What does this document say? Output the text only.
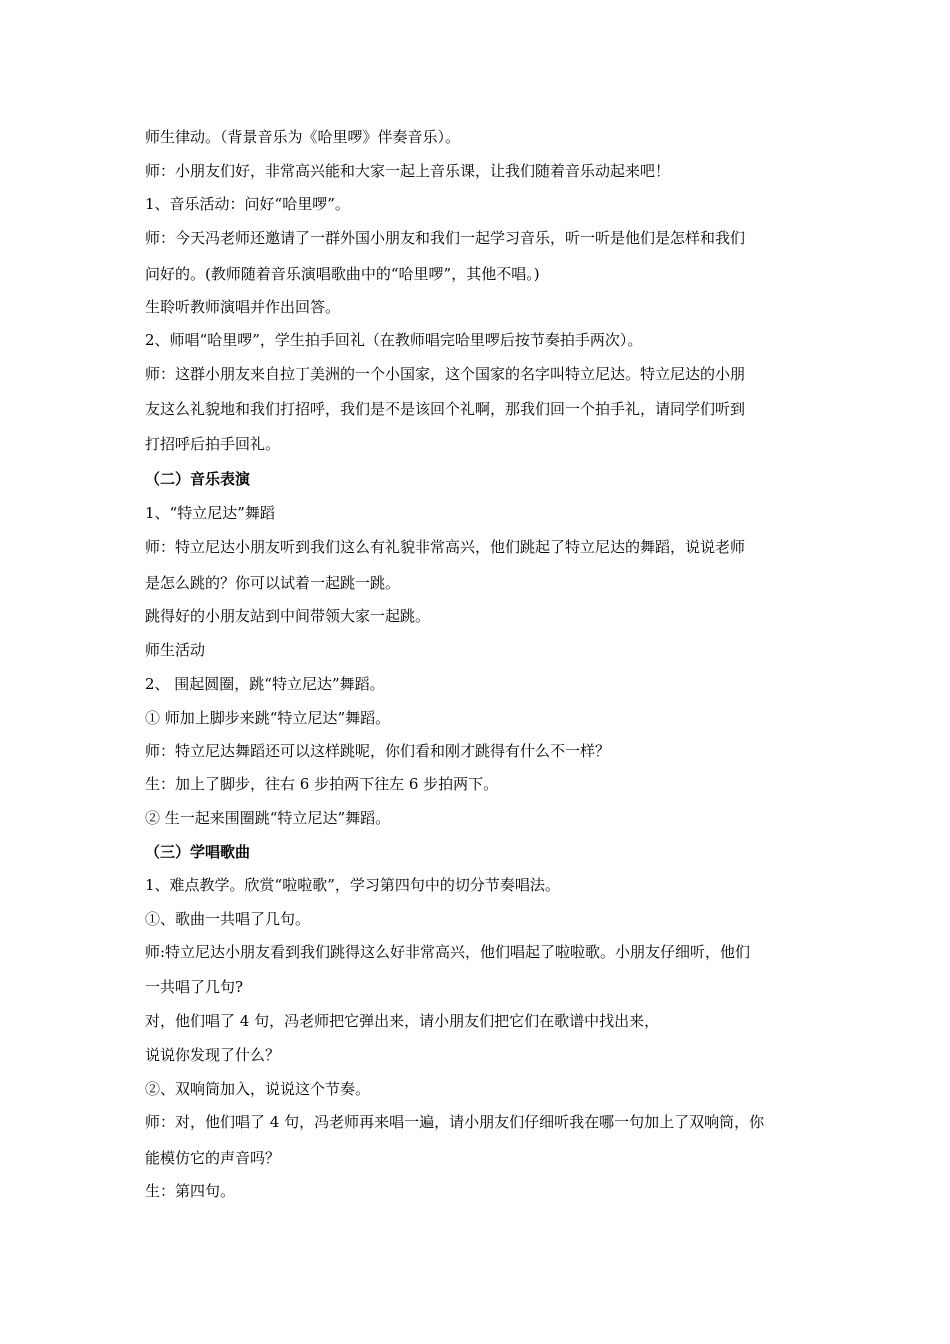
师生律动。（背景音乐为《哈里啰》伴奏音乐）。
师：小朋友们好，非常高兴能和大家一起上音乐课，让我们随着音乐动起来吧！
1、音乐活动：问好“哈里啰”。
师：今天冯老师还邀请了一群外国小朋友和我们一起学习音乐，听一听是他们是怎样和我们
问好的。(教师随着音乐演唱歌曲中的“哈里啰”，其他不唱。)
生聆听教师演唱并作出回答。
2、师唱“哈里啰”，学生拍手回礼（在教师唱完哈里啰后按节奏拍手两次）。
师：这群小朋友来自拉丁美洲的一个小国家，这个国家的名字叫特立尼达。特立尼达的小朋
友这么礼貌地和我们打招呼，我们是不是该回个礼啊，那我们回一个拍手礼，请同学们听到
打招呼后拍手回礼。
（二）音乐表演
1、“特立尼达”舞蹈
师：特立尼达小朋友听到我们这么有礼貌非常高兴，他们跳起了特立尼达的舞蹈，说说老师
是怎么跳的？你可以试着一起跳一跳。
跳得好的小朋友站到中间带领大家一起跳。
师生活动
2、 围起圆圈，跳“特立尼达”舞蹈。
① 师加上脚步来跳“特立尼达”舞蹈。
师：特立尼达舞蹈还可以这样跳呢，你们看和刚才跳得有什么不一样？
生：加上了脚步，往右 6 步拍两下往左 6 步拍两下。
② 生一起来围圈跳“特立尼达”舞蹈。
（三）学唱歌曲
1、难点教学。欣赏“啦啦歌”，学习第四句中的切分节奏唱法。
①、歌曲一共唱了几句。
师:特立尼达小朋友看到我们跳得这么好非常高兴，他们唱起了啦啦歌。小朋友仔细听，他们
一共唱了几句?
对，他们唱了 4 句，冯老师把它弹出来，请小朋友们把它们在歌谱中找出来，
说说你发现了什么？
②、双响筒加入，说说这个节奏。
师：对，他们唱了 4 句，冯老师再来唱一遍，请小朋友们仔细听我在哪一句加上了双响筒，你
能模仿它的声音吗？
生：第四句。
